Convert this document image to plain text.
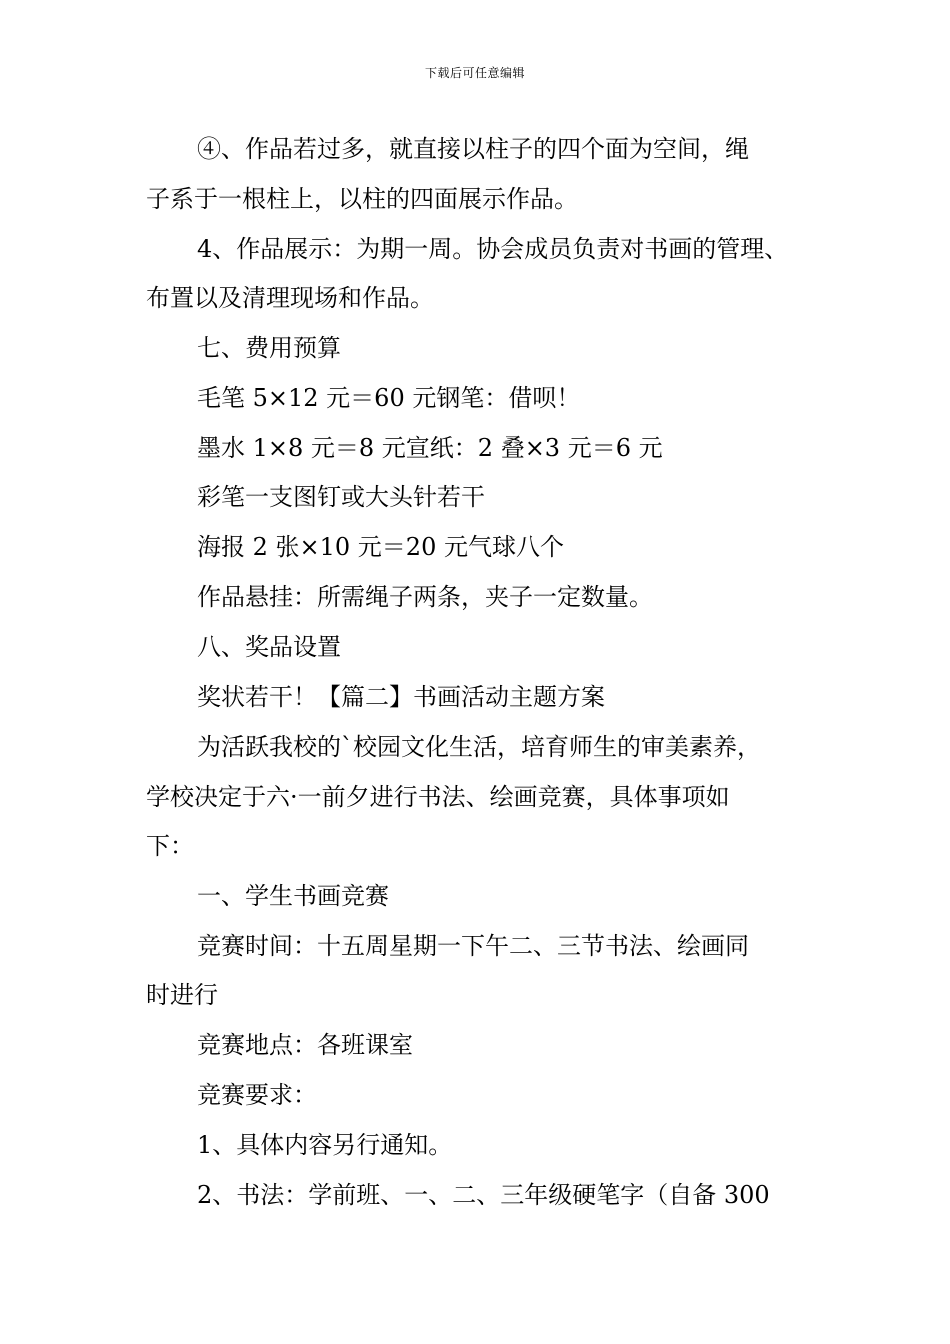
下载后可任意编辑
④、作品若过多，就直接以柱子的四个面为空间，绳
子系于一根柱上，以柱的四面展示作品。
4、作品展示：为期一周。协会成员负责对书画的管理、
布置以及清理现场和作品。
七、费用预算
毛笔 5×12 元＝60 元钢笔：借呗！
墨水 1×8 元＝8 元宣纸：2 叠×3 元＝6 元
彩笔一支图钉或大头针若干
海报 2 张×10 元＝20 元气球八个
作品悬挂：所需绳子两条，夹子一定数量。
八、奖品设置
奖状若干！【篇二】书画活动主题方案
为活跃我校的`校园文化生活，培育师生的审美素养，
学校决定于六·一前夕进行书法、绘画竞赛，具体事项如
下：
一、学生书画竞赛
竞赛时间：十五周星期一下午二、三节书法、绘画同
时进行
竞赛地点：各班课室
竞赛要求：
1、具体内容另行通知。
2、书法：学前班、一、二、三年级硬笔字（自备 300
